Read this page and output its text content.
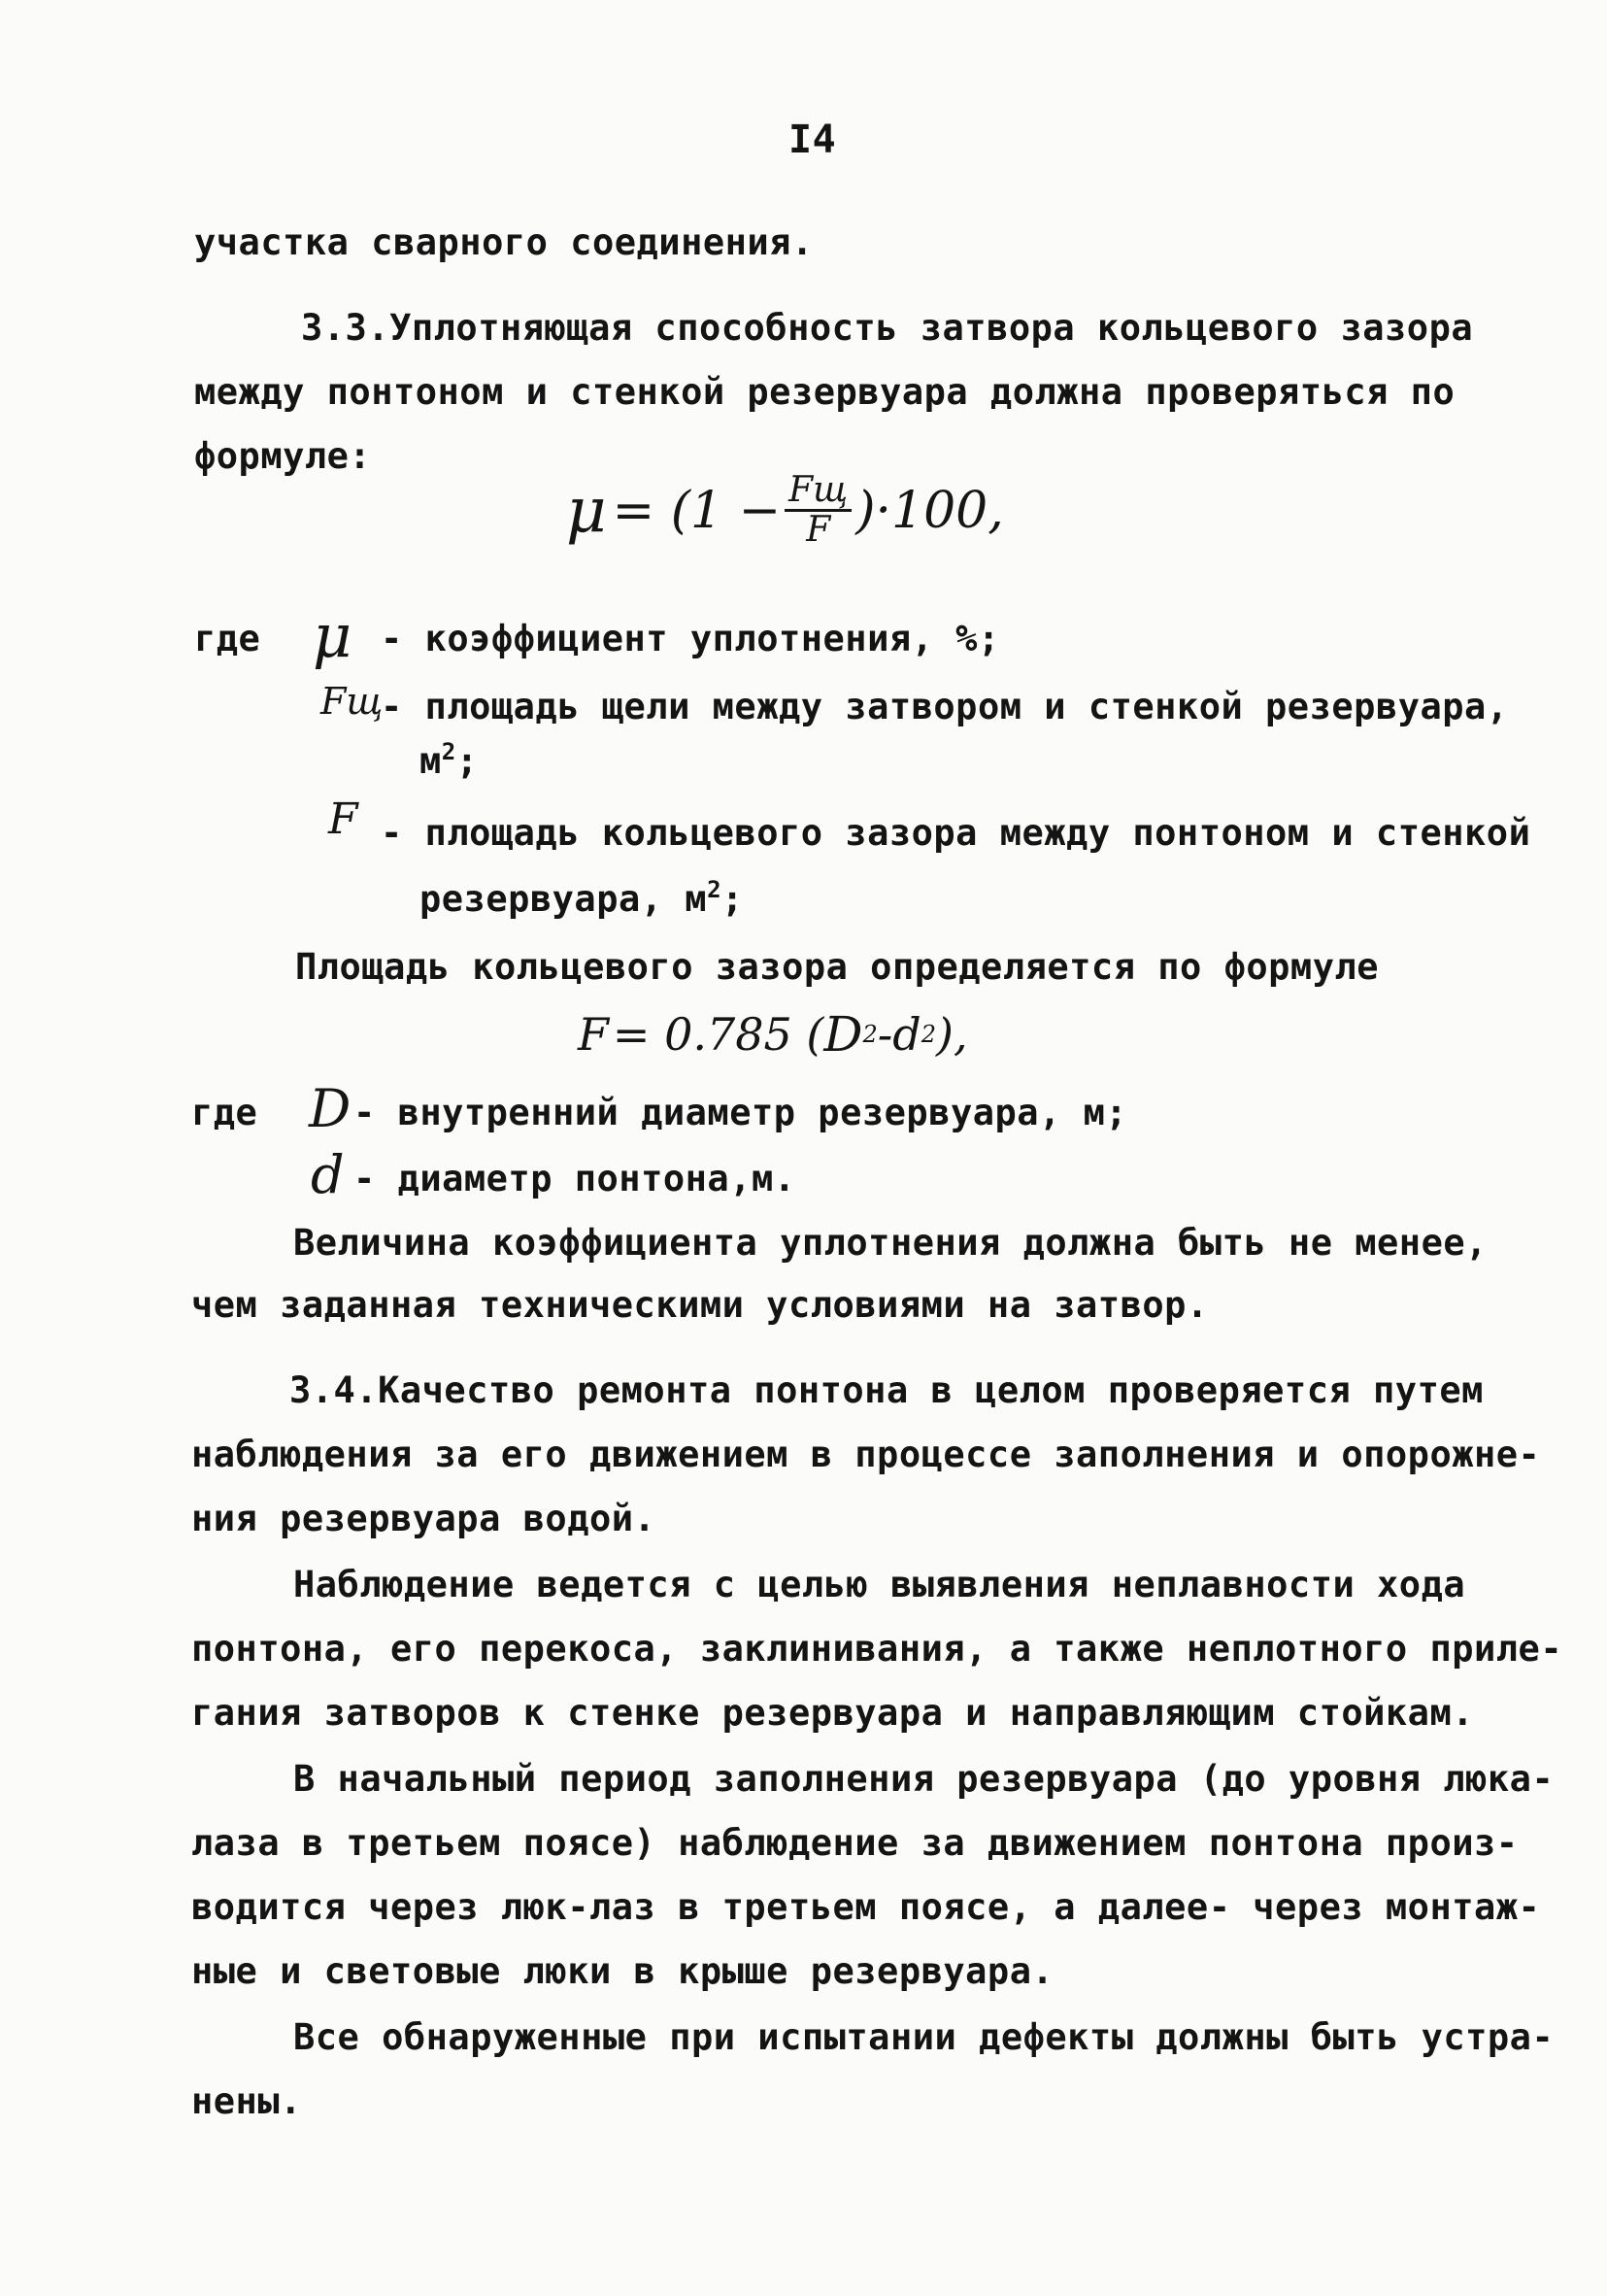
I4
участка сварного соединения.
3.3.Уплотняющая способность затвора кольцевого зазора
между понтоном и стенкой резервуара должна проверяться по
формуле:
$\mu = (1 - \frac{Fщ}{F} )\cdot 100$,
где μ - коэффициент уплотнения, %;
Fщ
- площадь щели между затвором и стенкой резервуара,
$м^2$;
F - площадь кольцевого зазора между понтоном и стенкой
резервуара, $м^2$;
Площадь кольцевого зазора определяется по формуле
F = 0.785 ( D 2 - d 2 ),
где D - внутренний диаметр резервуара, м;
d - диаметр понтона,м.
Величина коэффициента уплотнения должна быть не менее,
чем заданная техническими условиями на затвор.
3.4.Качество ремонта понтона в целом проверяется путем
наблюдения за его движением в процессе заполнения и опорожне-
ния резервуара водой.
Наблюдение ведется с целью выявления неплавности хода
понтона, его перекоса, заклинивания, а также неплотного приле-
гания затворов к стенке резервуара и направляющим стойкам.
В начальный период заполнения резервуара (до уровня люка-
лаза в третьем поясе) наблюдение за движением понтона произ-
водится через люк-лаз в третьем поясе, а далее- через монтаж-
ные и световые люки в крыше резервуара.
Все обнаруженные при испытании дефекты должны быть устра-
нены.
